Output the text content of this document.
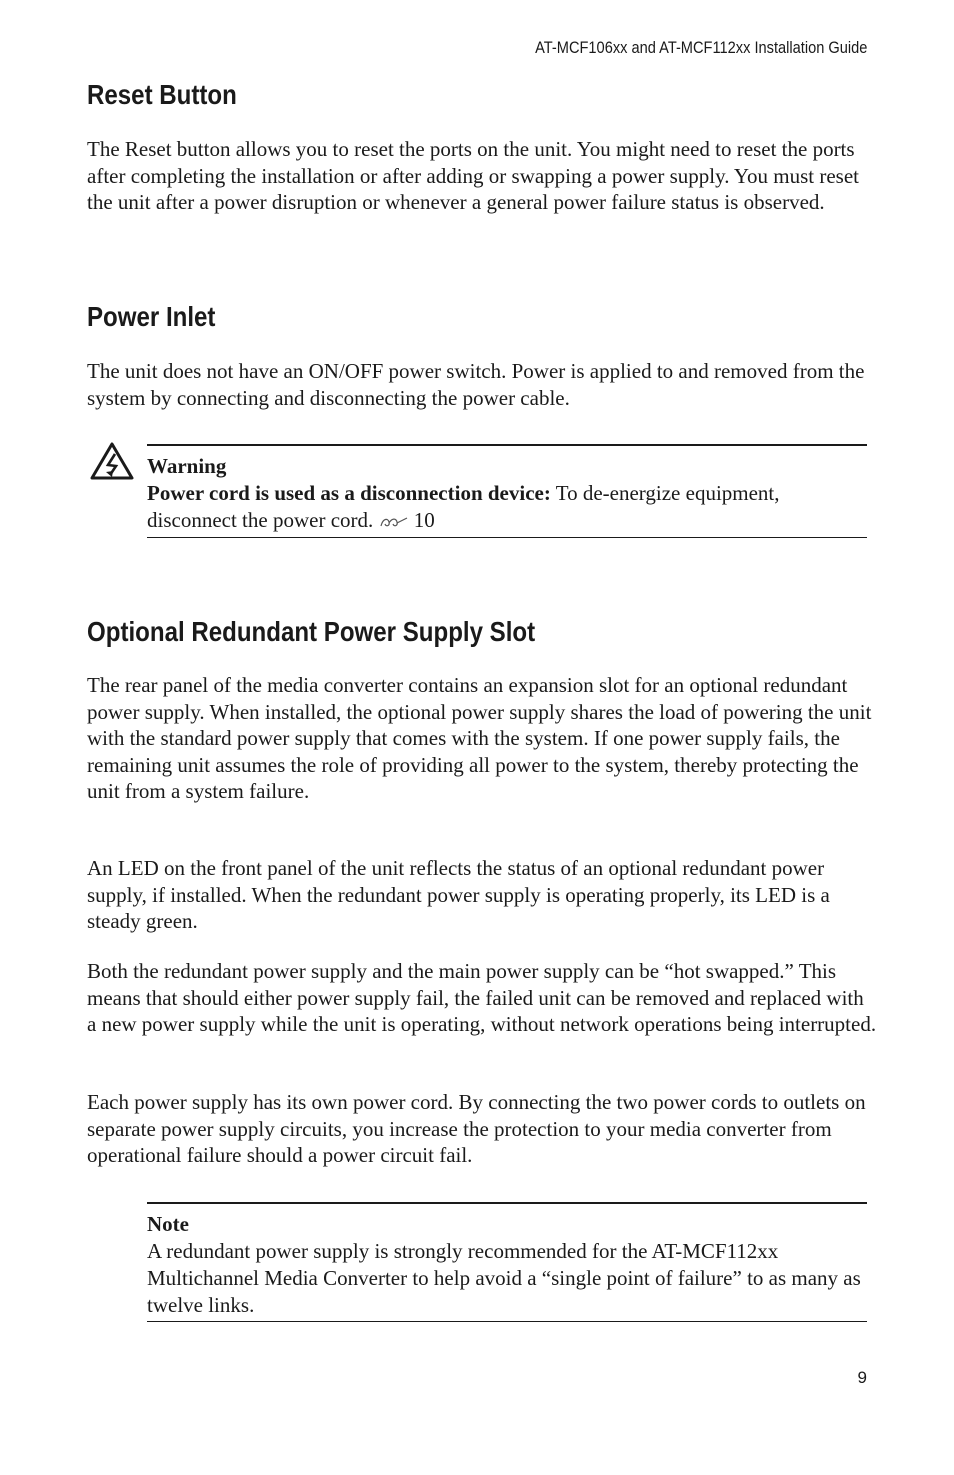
AT-MCF106xx and AT-MCF112xx Installation Guide
Reset Button

The Reset button allows you to reset the ports on the unit. You might need to reset the ports after completing the installation or after adding or swapping a power supply. You must reset the unit after a power disruption or whenever a general power failure status is observed.

Power Inlet

The unit does not have an ON/OFF power switch. Power is applied to and removed from the system by connecting and disconnecting the power cable.

Warning
Power cord is used as a disconnection device: To de-energize equipment, disconnect the power cord. 10
Optional Redundant Power Supply Slot

The rear panel of the media converter contains an expansion slot for an optional redundant power supply. When installed, the optional power supply shares the load of powering the unit with the standard power supply that comes with the system. If one power supply fails, the remaining unit assumes the role of providing all power to the system, thereby protecting the unit from a system failure.

An LED on the front panel of the unit reflects the status of an optional redundant power supply, if installed. When the redundant power supply is operating properly, its LED is a steady green.

Both the redundant power supply and the main power supply can be “hot swapped.” This means that should either power supply fail, the failed unit can be removed and replaced with a new power supply while the unit is operating, without network operations being interrupted.

Each power supply has its own power cord. By connecting the two power cords to outlets on separate power supply circuits, you increase the protection to your media converter from operational failure should a power circuit fail.

Note
A redundant power supply is strongly recommended for the AT-MCF112xx Multichannel Media Converter to help avoid a “single point of failure” to as many as twelve links.
9
